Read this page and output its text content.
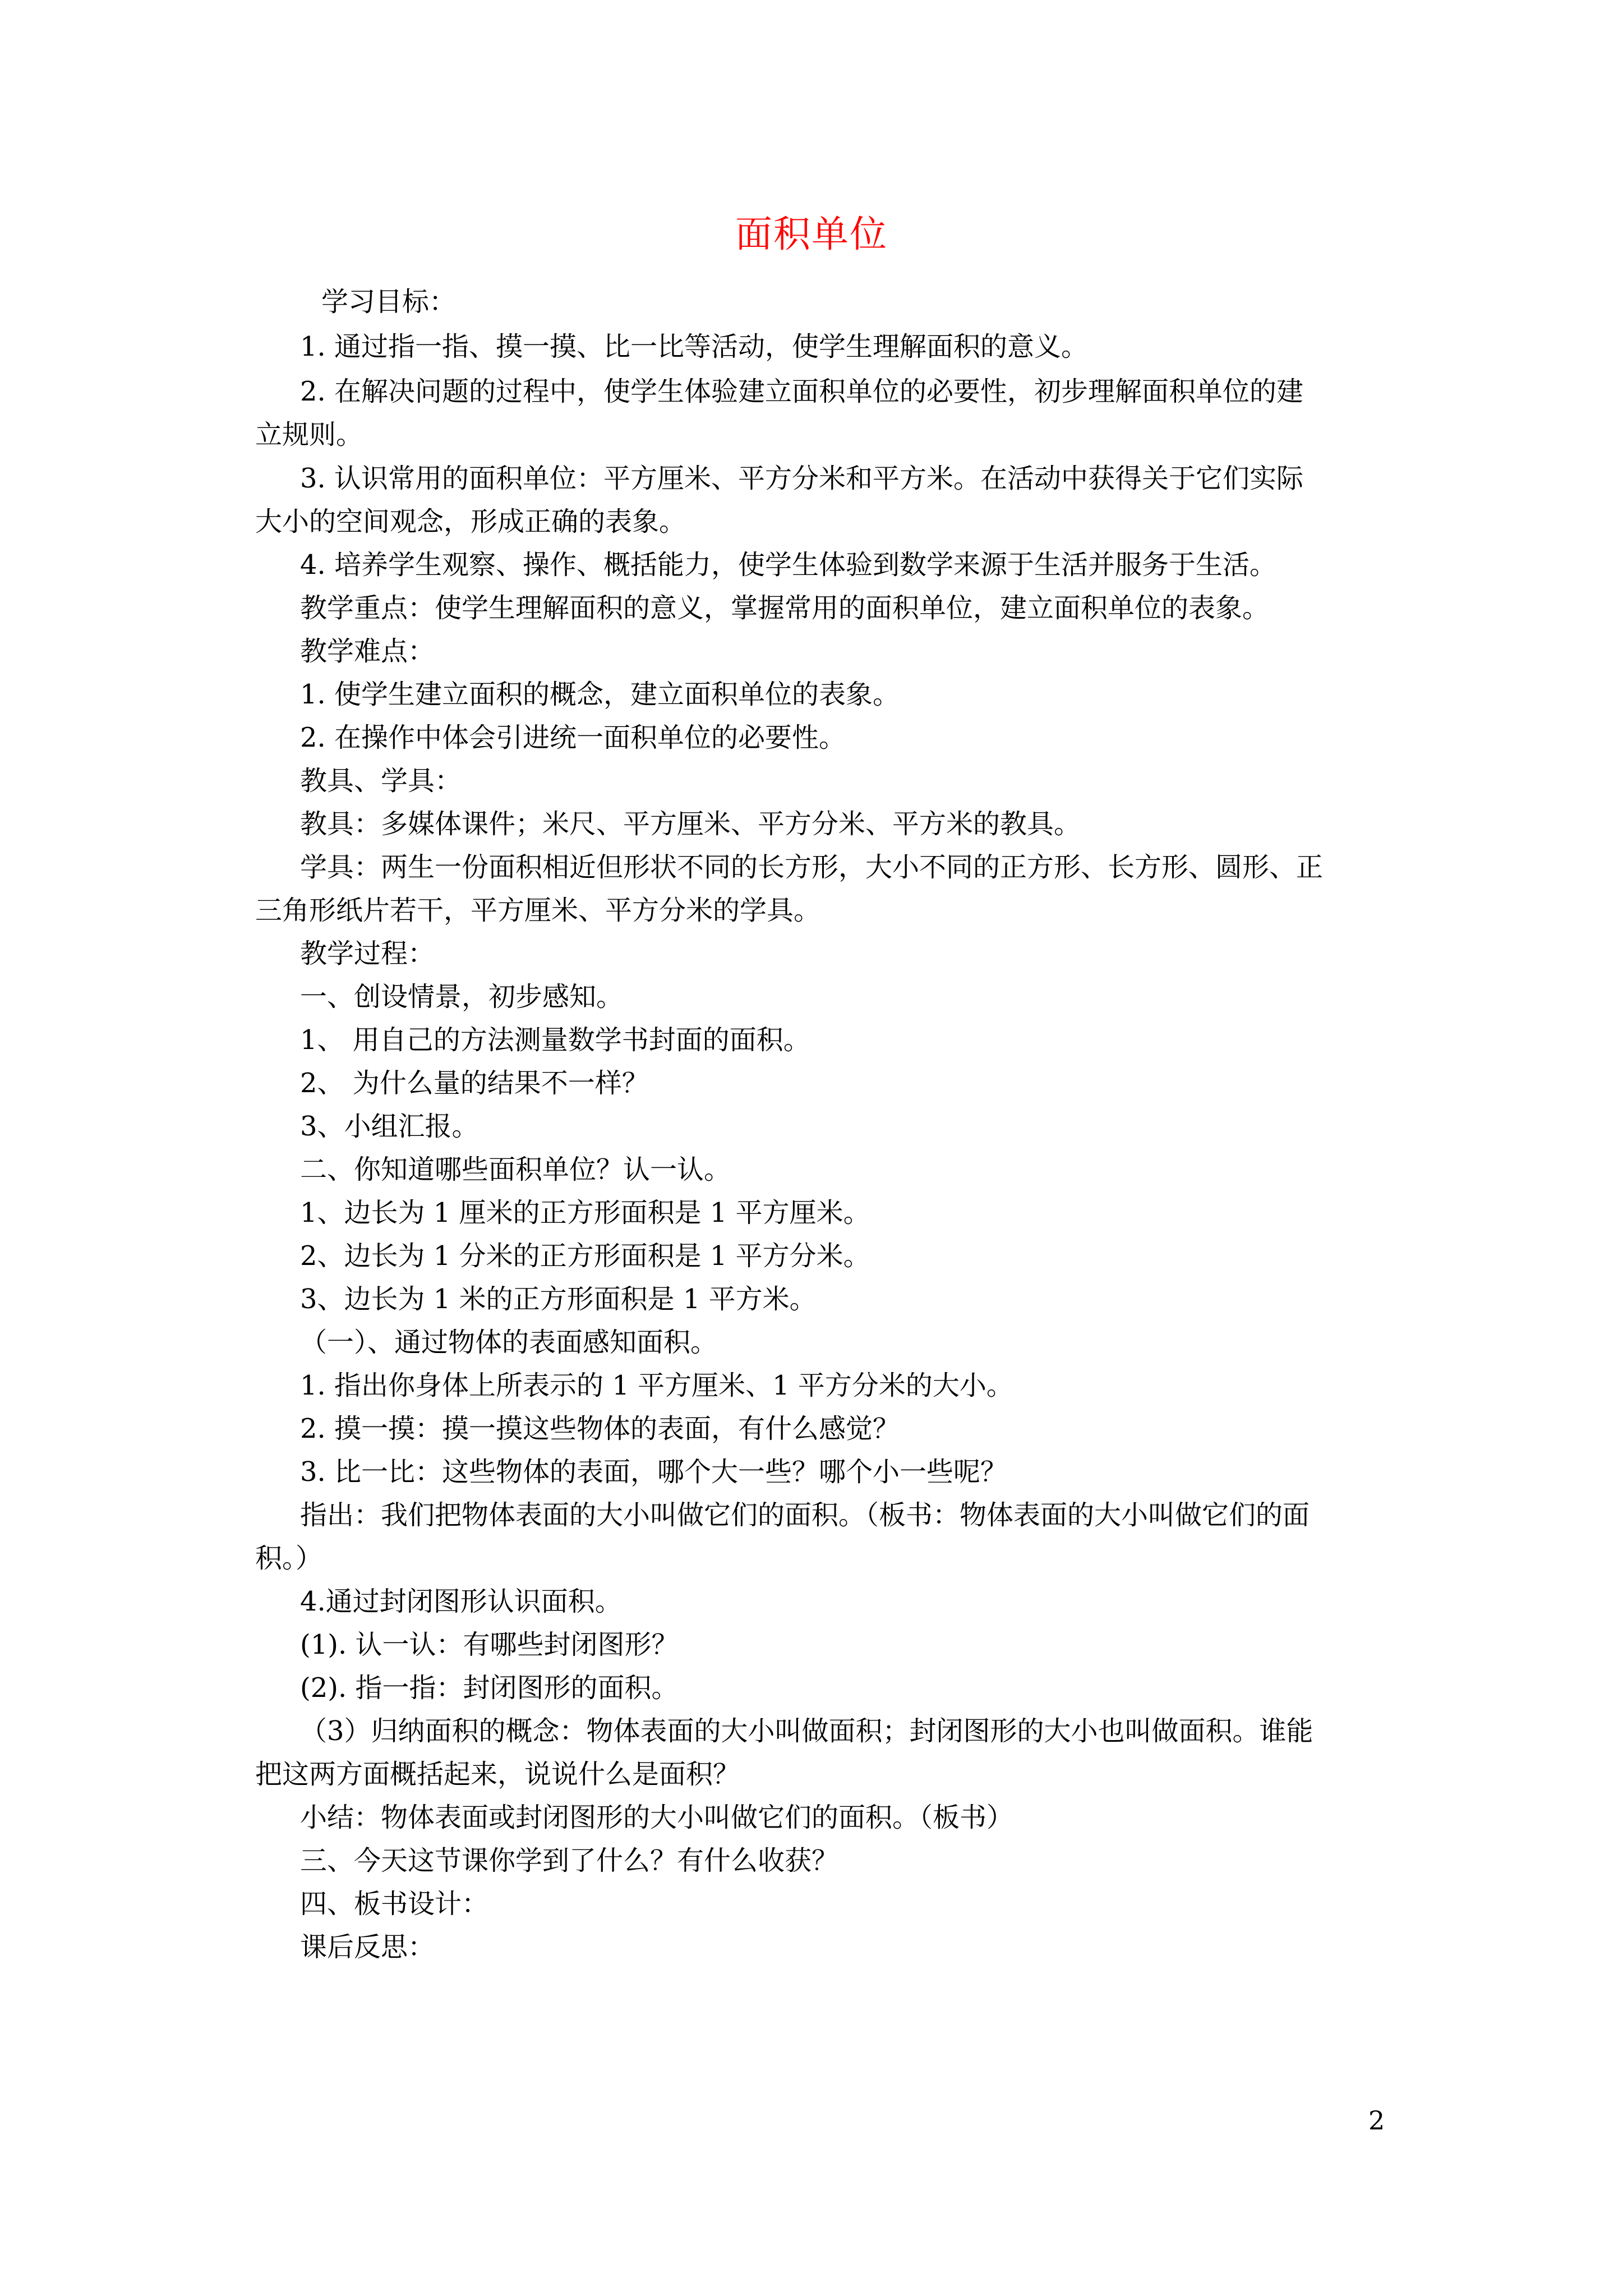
面积单位
学习目标：
1. 通过指一指、摸一摸、比一比等活动，使学生理解面积的意义。
2. 在解决问题的过程中，使学生体验建立面积单位的必要性，初步理解面积单位的建
立规则。
3. 认识常用的面积单位：平方厘米、平方分米和平方米。在活动中获得关于它们实际
大小的空间观念，形成正确的表象。
4. 培养学生观察、操作、概括能力，使学生体验到数学来源于生活并服务于生活。
教学重点：使学生理解面积的意义，掌握常用的面积单位，建立面积单位的表象。
教学难点：
1. 使学生建立面积的概念，建立面积单位的表象。
2. 在操作中体会引进统一面积单位的必要性。
教具、学具：
教具：多媒体课件；米尺、平方厘米、平方分米、平方米的教具。
学具：两生一份面积相近但形状不同的长方形，大小不同的正方形、长方形、圆形、正
三角形纸片若干，平方厘米、平方分米的学具。
教学过程：
一、创设情景，初步感知。
1、 用自己的方法测量数学书封面的面积。
2、 为什么量的结果不一样？
3、小组汇报。
二、你知道哪些面积单位？认一认。
1、边长为 1 厘米的正方形面积是 1 平方厘米。
2、边长为 1 分米的正方形面积是 1 平方分米。
3、边长为 1 米的正方形面积是 1 平方米。
（一）、通过物体的表面感知面积。
1. 指出你身体上所表示的 1 平方厘米、1 平方分米的大小。
2. 摸一摸：摸一摸这些物体的表面，有什么感觉？
3. 比一比：这些物体的表面，哪个大一些？哪个小一些呢？
指出：我们把物体表面的大小叫做它们的面积。（板书：物体表面的大小叫做它们的面
积。）
4.通过封闭图形认识面积。
(1). 认一认：有哪些封闭图形？
(2). 指一指：封闭图形的面积。
（3）归纳面积的概念：物体表面的大小叫做面积；封闭图形的大小也叫做面积。谁能
把这两方面概括起来，说说什么是面积？
小结：物体表面或封闭图形的大小叫做它们的面积。（板书）
三、今天这节课你学到了什么？有什么收获？
四、板书设计：
课后反思：
2
